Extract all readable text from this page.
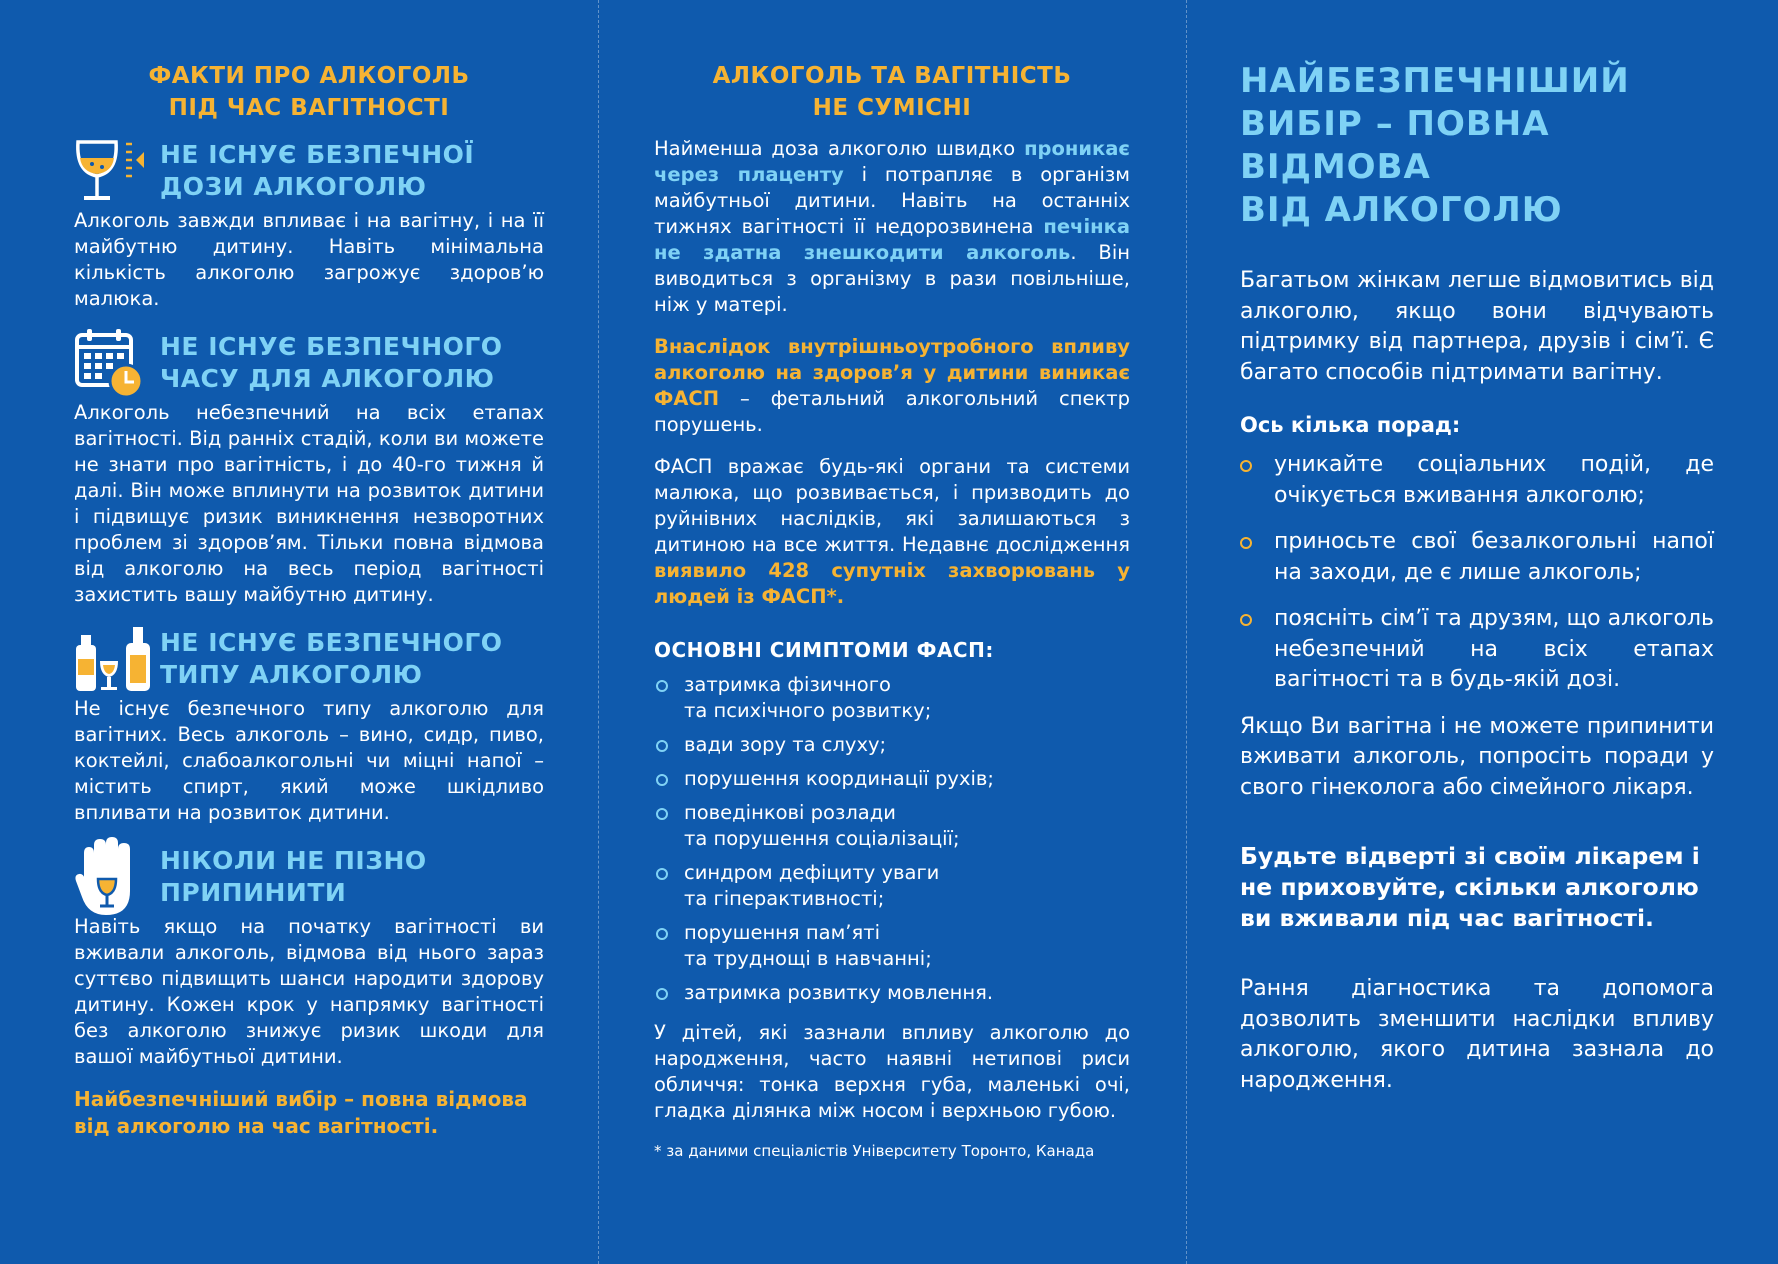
ФАКТИ ПРО АЛКОГОЛЬ
ПІД ЧАС ВАГІТНОСТІ
НЕ ІСНУЄ БЕЗПЕЧНОЇ
ДОЗИ АЛКОГОЛЮ

Алкоголь завжди впливає і на вагітну, і на її майбутню дитину. Навіть мінімальна кількість алкоголю загрожує здоров’ю малюка.

НЕ ІСНУЄ БЕЗПЕЧНОГО
ЧАСУ ДЛЯ АЛКОГОЛЮ

Алкоголь небезпечний на всіх етапах вагітності. Від ранніх стадій, коли ви можете не знати про вагітність, і до 40-го тижня й далі. Він може вплинути на розвиток дитини і підвищує ризик виникнення незворотних проблем зі здоров’ям. Тільки повна відмова від алкоголю на весь період вагітності захистить вашу майбутню дитину.

НЕ ІСНУЄ БЕЗПЕЧНОГО
ТИПУ АЛКОГОЛЮ

Не існує безпечного типу алкоголю для вагітних. Весь алкоголь – вино, сидр, пиво, коктейлі, слабоалкогольні чи міцні напої – містить спирт, який може шкідливо впливати на розвиток дитини.

НІКОЛИ НЕ ПІЗНО
ПРИПИНИТИ

Навіть якщо на початку вагітності ви вживали алкоголь, відмова від нього зараз суттєво підвищить шанси народити здорову дитину. Кожен крок у напрямку вагітності без алкоголю знижує ризик шкоди для вашої майбутньої дитини.

Найбезпечніший вибір – повна відмова від алкоголю на час вагітності.

АЛКОГОЛЬ ТА ВАГІТНІСТЬ
НЕ СУМІСНІ

Найменша доза алкоголю швидко проникає через плаценту і потрапляє в організм майбутньої дитини. Навіть на останніх тижнях вагітності її недорозвинена печінка не здатна знешкодити алкоголь. Він виводиться з організму в рази повільніше, ніж у матері.

Внаслідок внутрішньоутробного впливу алкоголю на здоров’я у дитини виникає ФАСП – фетальний алкогольний спектр порушень.

ФАСП вражає будь-які органи та системи малюка, що розвивається, і призводить до руйнівних наслідків, які залишаються з дитиною на все життя. Недавнє дослідження виявило 428 супутніх захворювань у людей із ФАСП*.

ОСНОВНІ СИМПТОМИ ФАСП:
затримка фізичного
та психічного розвитку;
вади зору та слуху;
порушення координації рухів;
поведінкові розлади
та порушення соціалізації;
синдром дефіциту уваги
та гіперактивності;
порушення пам’яті
та труднощі в навчанні;
затримка розвитку мовлення.

У дітей, які зазнали впливу алкоголю до народження, часто наявні нетипові риси обличчя: тонка верхня губа, маленькі очі, гладка ділянка між носом і верхньою губою.

* за даними спеціалістів Університету Торонто, Канада
НАЙБЕЗПЕЧНІШИЙ
ВИБІР – ПОВНА ВІДМОВА
ВІД АЛКОГОЛЮ

Багатьом жінкам легше відмовитись від алкоголю, якщо вони відчувають підтримку від партнера, друзів і сім’ї. Є багато способів підтримати вагітну.

Ось кілька порад:
уникайте соціальних подій, де очікується вживання алкоголю;
приносьте свої безалкогольні напої на заходи, де є лише алкоголь;
поясніть сім’ї та друзям, що алкоголь небезпечний на всіх етапах вагітності та в будь-якій дозі.

Якщо Ви вагітна і не можете припинити вживати алкоголь, попросіть поради у свого гінеколога або сімейного лікаря.

Будьте відверті зі своїм лікарем і не приховуйте, скільки алкоголю ви вживали під час вагітності.

Рання діагностика та допомога дозволить зменшити наслідки впливу алкоголю, якого дитина зазнала до народження.
